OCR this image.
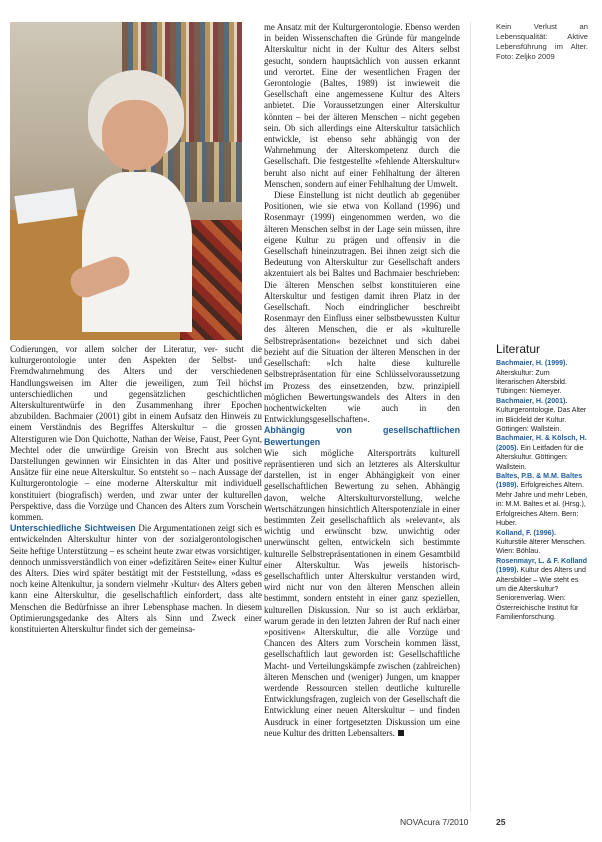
Codierungen, vor allem solcher der Literatur, ver- sucht die kulturgerontologie unter den Aspekten der Selbst- und Fremdwahrnehmung des Alters und der verschiedenen Handlungsweisen im Alter die jeweiligen, zum Teil höchst unterschiedlichen und gegensätzlichen geschichtlichen Alterskulturentwürfe in den Zusammenhang ihrer Epochen abzubilden. Bachmaier (2001) gibt in einem Aufsatz den Hinweis zu einem Verständnis des Begriffes Alterskultur – die grossen Alterstiguren wie Don Quichotte, Nathan der Weise, Faust, Peer Gynt, Mechtel oder die unwürdige Greisin von Brecht aus solchen Darstellungen gewinnen wir Einsichten in das Alter und positive Ansätze für eine neue Alterskultur. So entsteht so – nach Aussage der Kulturgerontologie – eine moderne Alterskultur mit individuell konstituiert (biografisch) werden, und zwar unter der kulturellen Perspektive, dass die Vorzüge und Chancen des Alters zum Vorschein kommen.

Unterschiedliche Sichtweisen Die Argumentationen zeigt sich es entwickelnden Alterskultur hinter von der sozialgerontologischen Seite heftige Unterstützung – es scheint heute zwar etwas vorsichtiger, dennoch unmissverständlich von einer »defizitären Seite« einer Kultur des Alters. Dies wird später bestätigt mit der Feststellung, »dass es noch keine Altenkultur, ja sondern vielmehr ›Kultur‹ des Alters geben kann eine Alterskultur, die gesellschaftlich einfordert, dass alte Menschen die Bedürfnisse an ihrer Lebensphase machen. In diesem Optimierungsgedanke des Alters als Sinn und Zweck einer konstituierten Alterskultur findet sich der gemeinsa-

me Ansatz mit der Kulturgerontologie. Ebenso werden in beiden Wissenschaften die Gründe für mangelnde Alterskultur nicht in der Kultur des Alters selbst gesucht, sondern hauptsächlich von aussen erkannt und verortet. Eine der wesentlichen Fragen der Gerontologie (Baltes, 1989) ist inwieweit die Gesellschaft eine angemessene Kultur des Alters anbietet. Die Voraussetzungen einer Alterskultur könnten – bei der älteren Menschen – nicht gegeben sein. Ob sich allerdings eine Alterskultur tatsächlich entwickle, ist ebenso sehr abhängig von der Wahrnehmung der Alterskompetenz durch die Gesellschaft. Die festgestellte »fehlende Alterskultur« beruht also nicht auf einer Fehlhaltung der älteren Menschen, sondern auf einer Fehlhaltung der Umwelt.

Diese Einstellung ist nicht deutlich ab gegenüber Positionen, wie sie etwa von Kolland (1996) und Rosenmayr (1999) eingenommen werden, wo die älteren Menschen selbst in der Lage sein müssen, ihre eigene Kultur zu prägen und offensiv in die Gesellschaft hineinzutragen. Bei ihnen zeigt sich die Bedeutung von Alterskultur zur Gesellschaft anders akzentuiert als bei Baltes und Bachmaier beschrieben: Die älteren Menschen selbst konstituieren eine Alterskultur und festigen damit ihren Platz in der Gesellschaft. Noch eindringlicher beschreibt Rosenmayr den Einfluss einer selbstbewussten Kultur des älteren Menschen, die er als »kulturelle Selbstrepräsentation« bezeichnet und sich dabei bezieht auf die Situation der älteren Menschen in der Gesellschaft: »Ich halte diese kulturelle Selbstrepräsentation für eine Schlüsselvoraussetzung im Prozess des einsetzenden, bzw. prinzipiell möglichen Bewertungswandels des Alters in den hochentwickelten wie auch in den Entwicklungsgesellschaften«.

Abhängig von gesellschaftlichen Bewertungen
Wie sich mögliche Altersporträts kulturell repräsentieren und sich an letzteres als Alterskultur darstellen, ist in enger Abhängigkeit von einer gesellschaftlichen Bewertung zu sehen. Abhängig davon, welche Alterskulturvorstellung, welche Wertschätzungen hinsichtlich Alterspotenziale in einer bestimmten Zeit gesellschaftlich als »relevant«, als wichtig und erwünscht bzw. unwichtig oder unerwünscht gelten, entwickeln sich bestimmte kulturelle Selbstrepräsentationen in einem Gesamtbild einer Alterskultur. Was jeweils historisch-gesellschaftlich unter Alterskultur verstanden wird, wird nicht nur von den älteren Menschen allein bestimmt, sondern entsteht in einer ganz speziellen, kulturellen Diskussion. Nur so ist auch erklärbar, warum gerade in den letzten Jahren der Ruf nach einer »positiven« Alterskultur, die alle Vorzüge und Chancen des Alters zum Vorschein kommen lässt, gesellschaftlich laut geworden ist: Gesellschaftliche Macht- und Verteilungskämpfe zwischen (zahlreichen) älteren Menschen und (weniger) Jungen, um knapper werdende Ressourcen stellen deutliche kulturelle Entwicklungsfragen, zugleich von der Gesellschaft die Entwicklung einer neuen Alterskultur – und finden Ausdruck in einer fortgesetzten Diskussion um eine neue Kultur des dritten Lebensalters.

Kein Verlust an Lebensqualität: Aktive Lebensführung im Alter. Foto: Zeljko 2009
Literatur

Bachmaier, H. (1999). Alterskultur: Zum literarischen Altersbild. Tübingen: Niemeyer.

Bachmaier, H. (2001). Kulturgerontologie. Das Alter im Blickfeld der Kultur. Göttingen: Wallstein.

Bachmaier, H. & Kölsch, H. (2005). Ein Leitfaden für die Alterskultur. Göttingen: Wallstein.

Baltes, P.B. & M.M. Baltes (1989). Erfolgreiches Altern. Mehr Jahre und mehr Leben, in: M.M. Baltes et al. (Hrsg.), Erfolgreiches Altern. Bern: Huber.

Kolland, F. (1996). Kulturstile älterer Menschen. Wien: Böhlau.

Rosenmayr, L. & F. Kolland (1999). Kultur des Alters und Altersbilder – Wie steht es um die Alterskultur? Seniorenverlag. Wien: Österreichische Institut für Familienforschung.

NOVAcura 7/2010	25
